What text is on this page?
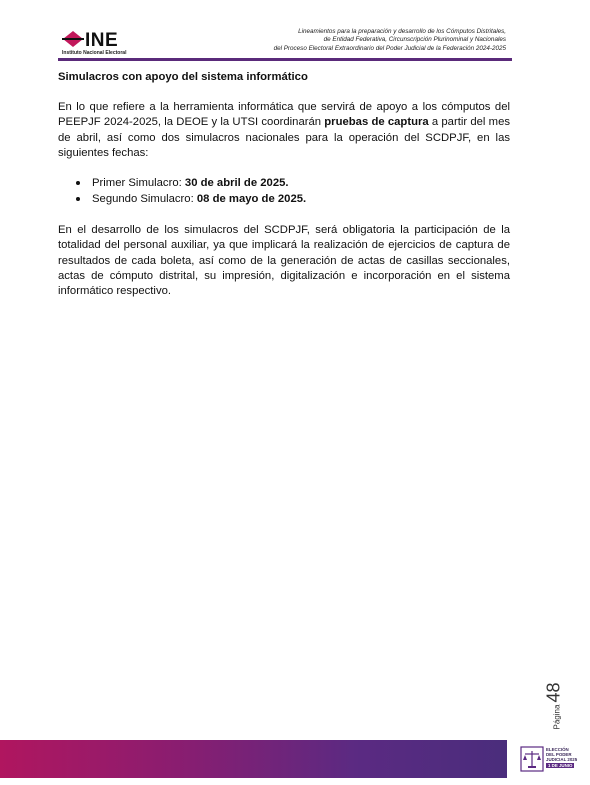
INE
Instituto Nacional Electoral
Lineamientos para la preparación y desarrollo de los Cómputos Distritales,
de Entidad Federativa, Circunscripción Plurinominal y Nacionales
del Proceso Electoral Extraordinario del Poder Judicial de la Federación 2024-2025

Simulacros con apoyo del sistema informático

En lo que refiere a la herramienta informática que servirá de apoyo a los cómputos del PEEPJF 2024-2025, la DEOE y la UTSI coordinarán pruebas de captura a partir del mes de abril, así como dos simulacros nacionales para la operación del SCDPJF, en las siguientes fechas:

Primer Simulacro: 30 de abril de 2025.
Segundo Simulacro: 08 de mayo de 2025.

En el desarrollo de los simulacros del SCDPJF, será obligatoria la participación de la totalidad del personal auxiliar, ya que implicará la realización de ejercicios de captura de resultados de cada boleta, así como de la generación de actas de casillas seccionales, actas de cómputo distrital, su impresión, digitalización e incorporación en el sistema informático respectivo.

Página48
ELECCIÓN
DEL PODER
JUDICIAL 2025
1 DE JUNIO
